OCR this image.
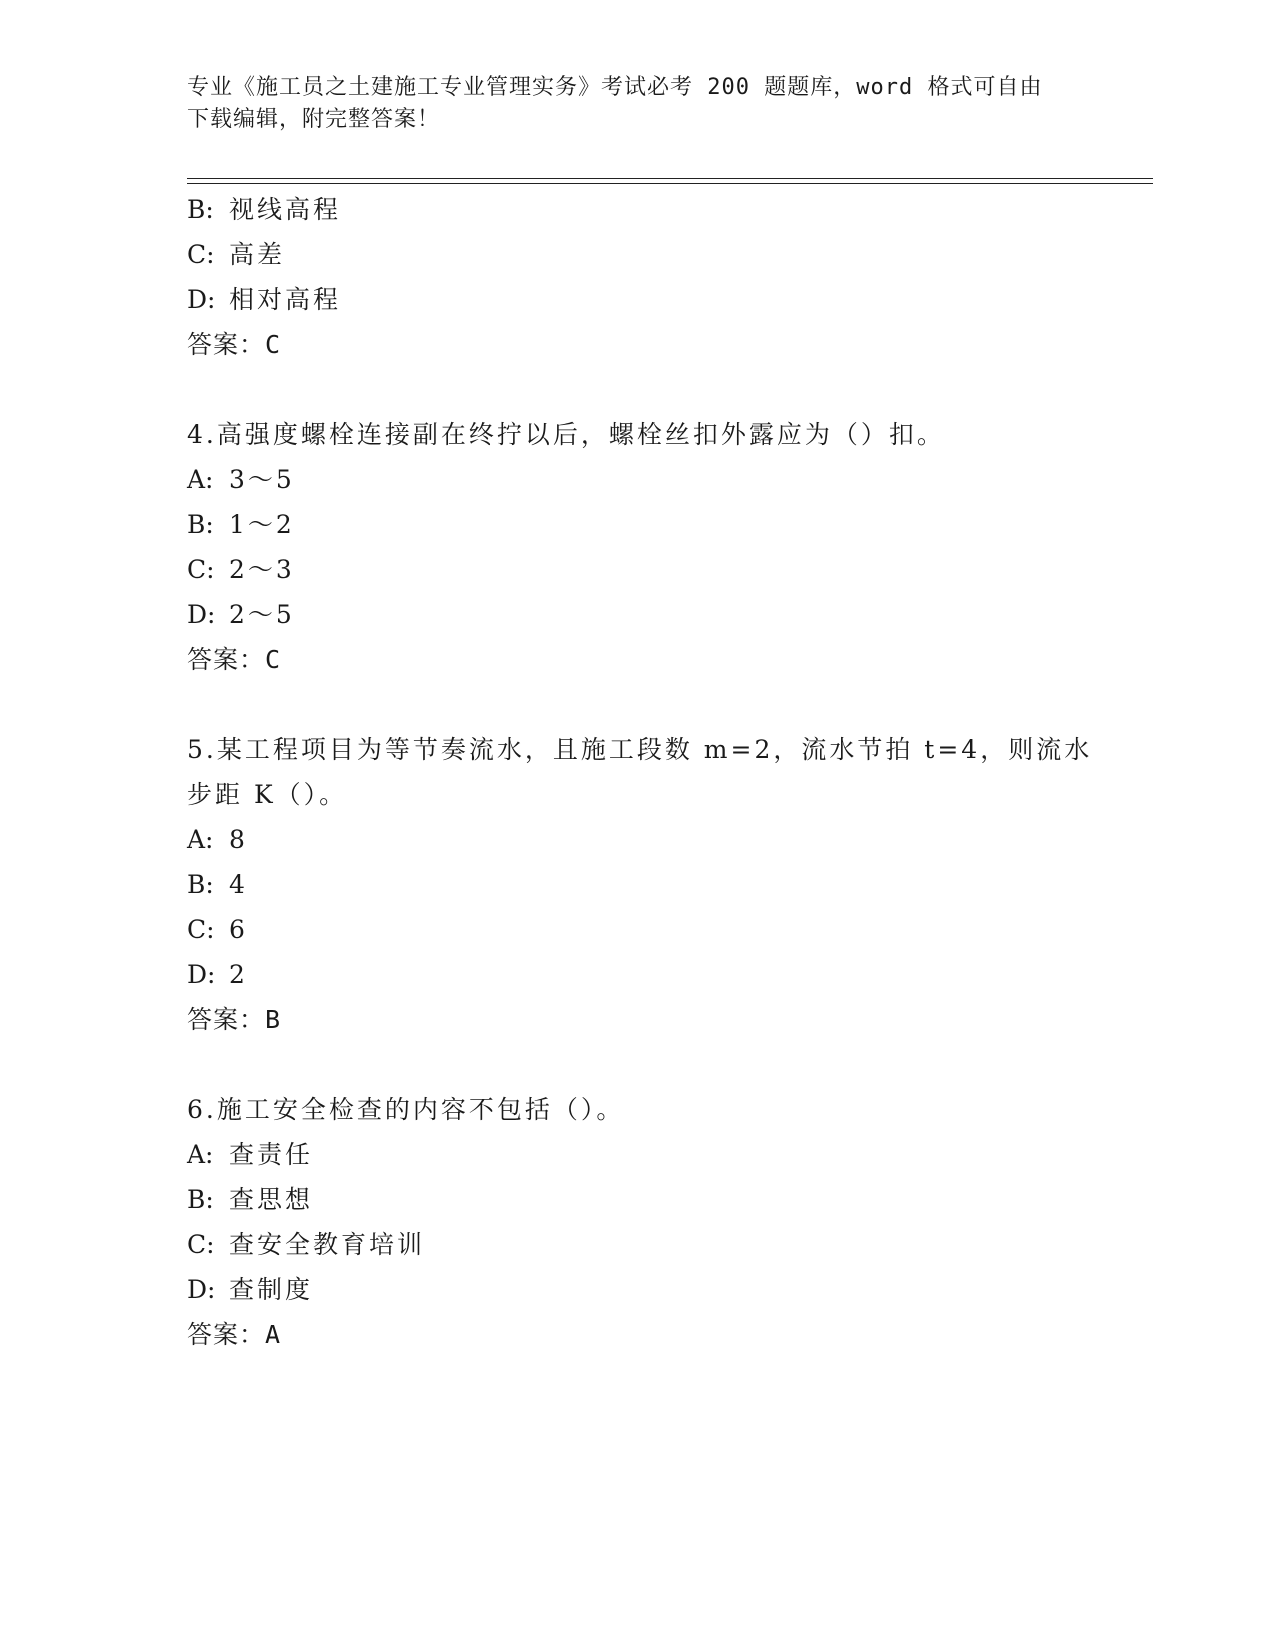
专业《施工员之土建施工专业管理实务》考试必考 200 题题库，word 格式可自由
下载编辑，附完整答案！
B: 视线高程
C: 高差
D: 相对高程
答案：C
4.高强度螺栓连接副在终拧以后，螺栓丝扣外露应为（）扣。
A: 3～5
B: 1～2
C: 2～3
D: 2～5
答案：C
5.某工程项目为等节奏流水，且施工段数 m=2，流水节拍 t=4，则流水
步距 K（）。
A: 8
B: 4
C: 6
D: 2
答案：B
6.施工安全检查的内容不包括（）。
A: 查责任
B: 查思想
C: 查安全教育培训
D: 查制度
答案：A
